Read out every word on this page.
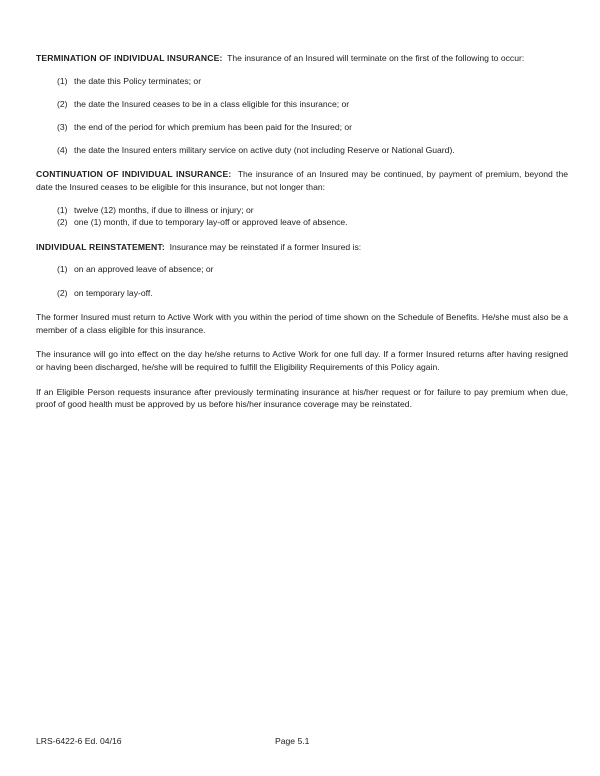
TERMINATION OF INDIVIDUAL INSURANCE: The insurance of an Insured will terminate on the first of the following to occur:

(1) the date this Policy terminates; or
(2) the date the Insured ceases to be in a class eligible for this insurance; or
(3) the end of the period for which premium has been paid for the Insured; or
(4) the date the Insured enters military service on active duty (not including Reserve or National Guard).

CONTINUATION OF INDIVIDUAL INSURANCE: The insurance of an Insured may be continued, by payment of premium, beyond the date the Insured ceases to be eligible for this insurance, but not longer than:

(1) twelve (12) months, if due to illness or injury; or
(2) one (1) month, if due to temporary lay-off or approved leave of absence.

INDIVIDUAL REINSTATEMENT: Insurance may be reinstated if a former Insured is:

(1) on an approved leave of absence; or
(2) on temporary lay-off.

The former Insured must return to Active Work with you within the period of time shown on the Schedule of Benefits. He/she must also be a member of a class eligible for this insurance.

The insurance will go into effect on the day he/she returns to Active Work for one full day. If a former Insured returns after having resigned or having been discharged, he/she will be required to fulfill the Eligibility Requirements of this Policy again.

If an Eligible Person requests insurance after previously terminating insurance at his/her request or for failure to pay premium when due, proof of good health must be approved by us before his/her insurance coverage may be reinstated.

LRS-6422-6 Ed. 04/16	Page 5.1
